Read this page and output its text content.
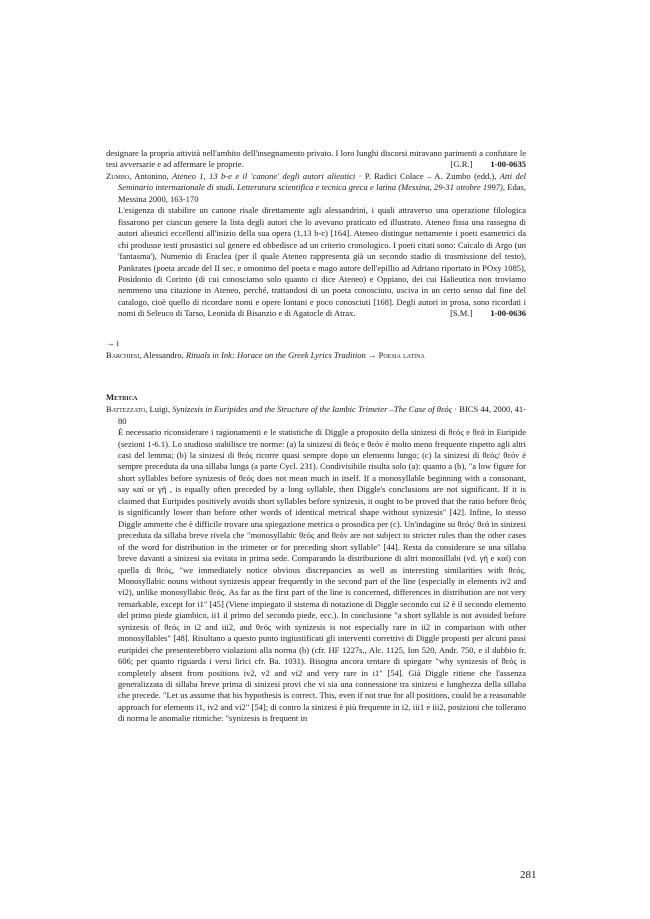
designare la propria attività nell'ambito dell'insegnamento privato. I loro lunghi discorsi miravano parimenti a confutare le tesi avversarie e ad affermare le proprie.	[G.R.] 1-00-0635

Zumbo, Antonino, Ateneo 1, 13 b-e e il 'canone' degli autori alieutici · P. Radici Colace – A. Zumbo (edd.), Atti del Seminario internazionale di studi. Letteratura scientifica e tecnica greca e latina (Messina, 29-31 ottobre 1997), Edas, Messina 2000, 163-170

L'esigenza di stabilire un canone risale direttamente agli alessandrini, i quali attraverso una operazione filologica fissarono per ciascun genere la lista degli autori che lo avevano praticato ed illustrato. Ateneo fissa una rassegna di autori alieutici eccellenti all'inizio della sua opera (1,13 b-c) [164]. Ateneo distingue nettamente i poeti esametrici da chi produsse testi prosastici sul genere ed obbedisce ad un criterio cronologico. I poeti citati sono: Caicalo di Argo (un 'fantasma'), Numenio di Eraclea (per il quale Ateneo rappresenta già un secondo stadio di trasmissione del testo), Pankrates (poeta arcade del II sec. e omonimo del poeta e mago autore dell'epillio ad Adriano riportato in POxy 1085), Posidonio di Corinto (di cui conosciamo solo quanto ci dice Ateneo) e Oppiano, dei cui Halieutica non troviamo nemmeno una citazione in Ateneo, perché, trattandosi di un poeta conosciuto, usciva in un certo senso dal fine del catalogo, cioè quello di ricordare nomi e opere lontani e poco conosciuti [168]. Degli autori in prosa, sono ricordati i nomi di Seleuco di Tarso, Leonida di Bisanzio e di Agatocle di Atrax.	[S.M.] 1-00-0636

→ i

Barchiesi, Alessandro, Rituals in Ink: Horace on the Greek Lyrics Tradition → Poesia latina

Metrica

Battezzato, Luigi, Synizesis in Euripides and the Structure of the Iambic Trimeter –The Case of θεός · BICS 44, 2000, 41-80

È necessario riconsiderare i ragionamenti e le statistiche di Diggle a proposito della sinizesi di θεός e θεά in Euripide (sezioni 1-6.1). Lo studioso stabilisce tre norme: (a) la sinizesi di θεός e θεόν è molto meno frequente rispetto agli altri casi del lemma; (b) la sinizesi di θεός ricorre quasi sempre dopo un elemento lungo; (c) la sinizesi di θεός/ θεόν è sempre preceduta da una sillaba lunga (a parte Cycl. 231). Condivisibile risulta solo (a): quanto a (b), "a low figure for short syllables before synizesis of θεός does not mean much in itself. If a monosyllable beginning with a consonant, say καί or γῆ , is equally often preceded by a long syllable, then Diggle's conclusions are not significant. If it is claimed that Euripides positively avoids short syllables before synizesis, it ought to be proved that the ratio before θεός is significantly lower than before other words of identical metrical shape without synizesis" [42]. Infine, lo stesso Diggle ammette che è difficile trovare una spiegazione metrica o prosodica per (c). Un'indagine su θεός/ θεά in sinizesi preceduta da sillaba breve rivela che "monosyllabic θεός and θεόν are not subject to stricter rules than the other cases of the word for distribution in the trimeter or for preceding short syllable" [44]. Resta da considerare se una sillaba breve davanti a sinizesi sia evitata in prima sede. Comparando la distribuzione di altri monosillabi (vd. γῆ e καί) con quella di θεός, "we immediately notice obvious discrepancies as well as interesting similarities with θεός. Monosyllabic nouns without synizesis appear frequently in the second part of the line (especially in elements iv2 and vi2), unlike monosyllabic θεός. As far as the first part of the line is concerned, differences in distribution are not very remarkable, except for i1" [45] (Viene impiegato il sistema di notazione di Diggle secondo cui i2 è il secondo elemento del primo piede giambico, ii1 il primo del secondo piede, ecc.). In conclusione "a short syllable is not avoided before synizesis of θεός in i2 and iii2, and θεός with synizesis is not especially rare in ii2 in comparison with other monosyllables" [48]. Risultano a questo punto ingiustificati gli interventi correttivi di Diggle proposti per alcuni passi euripidei che presenterebbero violazioni alla norma (b) (cfr. HF 1227s., Alc. 1125, Ion 520, Andr. 750, e il dubbio fr. 606; per quanto riguarda i versi lirici cfr. Ba. 1031). Bisogna ancora tentare di spiegare "why synizesis of θεός is completely absent from positions iv2, v2 and vi2 and very rare in i1" [54]. Già Diggle ritiene che l'assenza generalizzata di sillaba breve prima di sinizesi provi che vi sia una connessione tra sinizesi e lunghezza della sillaba che precede. "Let us assume that his hypothesis is correct. This, even if not true for all positions, could be a reasonable approach for elements i1, iv2 and vi2" [54]; di contro la sinizesi è più frequente in i2, iii1 e iii2, posizioni che tollerano di norma le anomalie ritmiche: "synizesis is frequent in

281
